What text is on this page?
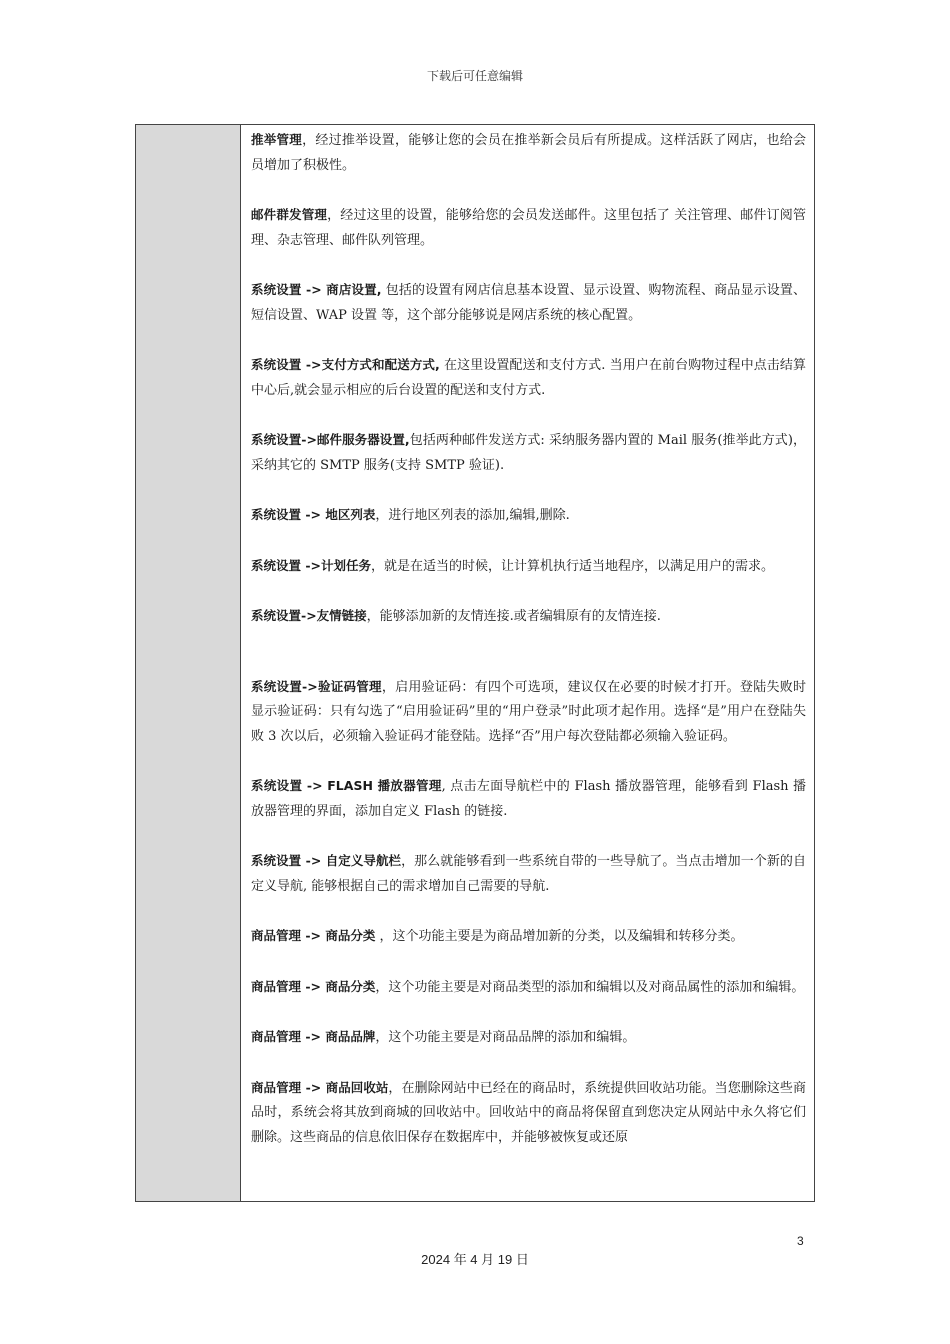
下载后可任意编辑

推举管理，经过推举设置，能够让您的会员在推举新会员后有所提成。这样活跃了网店，也给会员增加了积极性。

邮件群发管理，经过这里的设置，能够给您的会员发送邮件。这里包括了 关注管理、邮件订阅管理、杂志管理、邮件队列管理。

系统设置 -> 商店设置, 包括的设置有网店信息基本设置、显示设置、购物流程、商品显示设置、短信设置、WAP 设置 等，这个部分能够说是网店系统的核心配置。

系统设置 ->支付方式和配送方式, 在这里设置配送和支付方式. 当用户在前台购物过程中点击结算中心后,就会显示相应的后台设置的配送和支付方式.

系统设置->邮件服务器设置,包括两种邮件发送方式: 采纳服务器内置的 Mail 服务(推举此方式)，采纳其它的 SMTP 服务(支持 SMTP 验证).

系统设置 -> 地区列表，进行地区列表的添加,编辑,删除.

系统设置 ->计划任务，就是在适当的时候，让计算机执行适当地程序，以满足用户的需求。

系统设置->友情链接，能够添加新的友情连接.或者编辑原有的友情连接.

系统设置->验证码管理，启用验证码：有四个可选项，建议仅在必要的时候才打开。登陆失败时显示验证码：只有勾选了“启用验证码”里的“用户登录”时此项才起作用。选择“是”用户在登陆失败 3 次以后，必须输入验证码才能登陆。选择“否”用户每次登陆都必须输入验证码。

系统设置 -> FLASH 播放器管理, 点击左面导航栏中的 Flash 播放器管理，能够看到 Flash 播放器管理的界面，添加自定义 Flash 的链接.

系统设置 -> 自定义导航栏，那么就能够看到一些系统自带的一些导航了。当点击增加一个新的自定义导航, 能够根据自己的需求增加自己需要的导航.

商品管理 -> 商品分类 ，这个功能主要是为商品增加新的分类，以及编辑和转移分类。

商品管理 -> 商品分类，这个功能主要是对商品类型的添加和编辑以及对商品属性的添加和编辑。

商品管理 -> 商品品牌，这个功能主要是对商品品牌的添加和编辑。

商品管理 -> 商品回收站，在删除网站中已经在的商品时，系统提供回收站功能。当您删除这些商品时，系统会将其放到商城的回收站中。回收站中的商品将保留直到您决定从网站中永久将它们删除。这些商品的信息依旧保存在数据库中，并能够被恢复或还原

3
2024 年 4 月 19 日
